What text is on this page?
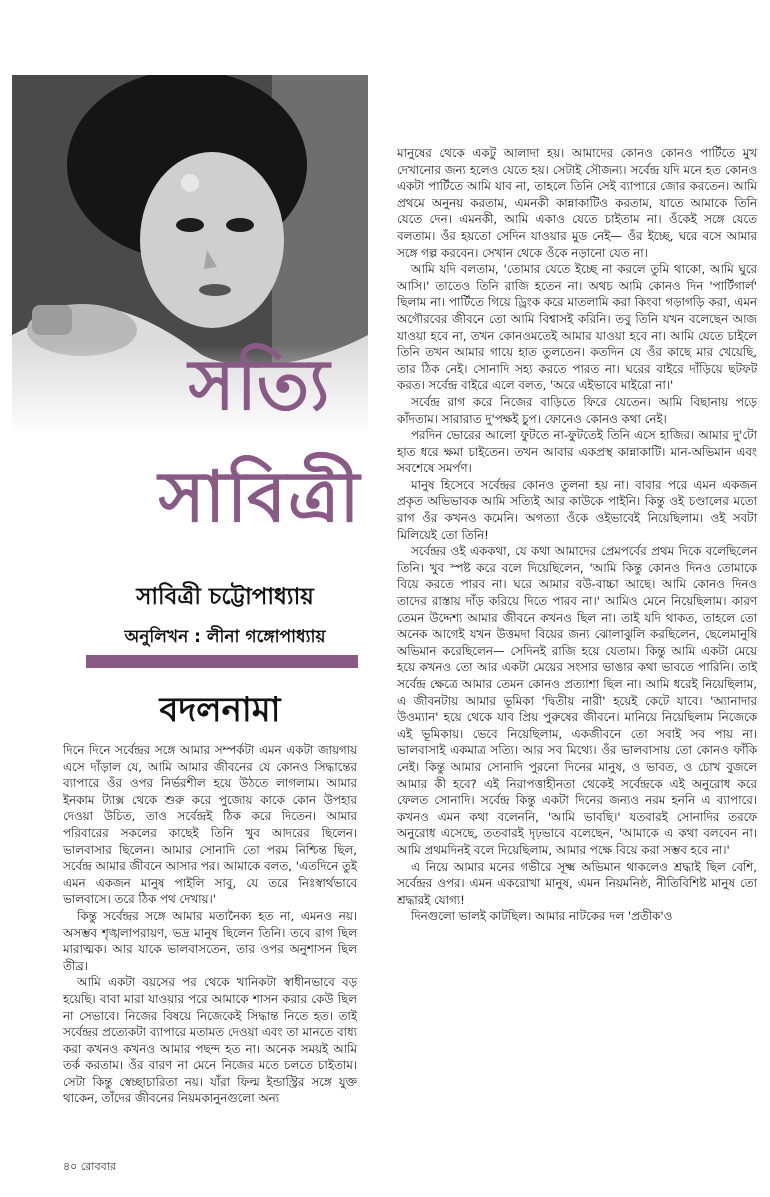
সত্যি
সাবিত্রী
সাবিত্রী চট্টোপাধ্যায়
অনুলিখন : লীনা গঙ্গোপাধ্যায়
বদলনামা

দিনে দিনে সর্বেন্দ্রর সঙ্গে আমার সম্পর্কটা এমন একটা জায়গায় এসে দাঁড়াল যে, আমি আমার জীবনের যে কোনও সিদ্ধান্তের ব্যাপারে ওঁর ওপর নির্ভরশীল হয়ে উঠতে লাগলাম। আমার ইনকাম ট্যাক্স থেকে শুরু করে পুজোয় কাকে কোন উপহার দেওয়া উচিত, তাও সর্বেন্দ্রই ঠিক করে দিতেন। আমার পরিবারের সকলের কাছেই তিনি খুব আদরের ছিলেন। ভালবাসার ছিলেন। আমার সোনাদি তো পরম নিশ্চিন্ত ছিল, সর্বেন্দ্র আমার জীবনে আসার পর। আমাকে বলত, 'এতদিনে তুই এমন একজন মানুষ পাইলি সাবু, যে তরে নিঃস্বার্থভাবে ভালবাসে। তরে ঠিক পথ দেখায়।'

কিন্তু সর্বেন্দ্রর সঙ্গে আমার মতানৈক্য হত না, এমনও নয়। অসম্ভব শৃঙ্খলাপরায়ণ, ভদ্র মানুষ ছিলেন তিনি। তবে রাগ ছিল মারাত্মক। আর যাকে ভালবাসতেন, তার ওপর অনুশাসন ছিল তীব্র।

আমি একটা বয়সের পর থেকে খানিকটা স্বাধীনভাবে বড় হয়েছি। বাবা মারা যাওয়ার পরে আমাকে শাসন করার কেউ ছিল না সেভাবে। নিজের বিষয়ে নিজেকেই সিদ্ধান্ত নিতে হত। তাই সর্বেন্দ্রর প্রত্যেকটা ব্যাপারে মতামত দেওয়া এবং তা মানতে বাধ্য করা কখনও কখনও আমার পছন্দ হত না। অনেক সময়ই আমি তর্ক করতাম। ওঁর বারণ না মেনে নিজের মতে চলতে চাইতাম। সেটা কিন্তু স্বেচ্ছাচারিতা নয়। যাঁরা ফিল্ম ইন্ডাস্ট্রির সঙ্গে যুক্ত থাকেন, তাঁদের জীবনের নিয়মকানুনগুলো অন্য

মানুষের থেকে একটু আলাদা হয়। আমাদের কোনও কোনও পার্টিতে মুখ দেখানোর জন্য হলেও যেতে হয়। সেটাই সৌজন্য। সর্বেন্দ্র যদি মনে হত কোনও একটা পার্টিতে আমি যাব না, তাহলে তিনি সেই ব্যাপারে জোর করতেন। আমি প্রথমে অনুনয় করতাম, এমনকী কান্নাকাটিও করতাম, যাতে আমাকে তিনি যেতে দেন। এমনকী, আমি একাও যেতে চাইতাম না। ওঁকেই সঙ্গে যেতে বলতাম। ওঁর হয়তো সেদিন যাওয়ার মুড নেই— ওঁর ইচ্ছে, ঘরে বসে আমার সঙ্গে গল্প করবেন। সেখান থেকে ওঁকে নড়ানো যেত না।

আমি যদি বলতাম, 'তোমার যেতে ইচ্ছে না করলে তুমি থাকো, আমি ঘুরে আসি।' তাতেও তিনি রাজি হতেন না। অথচ আমি কোনও দিন 'পার্টিগার্ল' ছিলাম না। পার্টিতে গিয়ে ড্রিংক করে মাতলামি করা কিংবা গড়াগড়ি করা, এমন অগৌরবের জীবনে তো আমি বিশ্বাসই করিনি। তবু তিনি যখন বলেছেন আজ যাওয়া হবে না, তখন কোনওমতেই আমার যাওয়া হবে না। আমি যেতে চাইলে তিনি তখন আমার গায়ে হাত তুলতেন। কতদিন যে ওঁর কাছে মার খেয়েছি, তার ঠিক নেই। সোনাদি সহ্য করতে পারত না। ঘরের বাইরে দাঁড়িয়ে ছটফট করত। সর্বেন্দ্র বাইরে এলে বলত, 'অরে এইভাবে মাইরো না।'

সর্বেন্দ্র রাগ করে নিজের বাড়িতে ফিরে যেতেন। আমি বিছানায় পড়ে কাঁদতাম। সারারাত দু'পক্ষই চুপ। ফোনেও কোনও কথা নেই।

পরদিন ভোরের আলো ফুটতে না-ফুটতেই তিনি এসে হাজির। আমার দু'টো হাত ধরে ক্ষমা চাইতেন। তখন আবার একপ্রস্থ কান্নাকাটি। মান-অভিমান এবং সবশেষে সমর্পণ।

মানুষ হিসেবে সর্বেন্দ্রর কোনও তুলনা হয় না। বাবার পরে এমন একজন প্রকৃত অভিভাবক আমি সত্যিই আর কাউকে পাইনি। কিন্তু ওই চণ্ডালের মতো রাগ ওঁর কখনও কমেনি। অগত্যা ওঁকে ওইভাবেই নিয়েছিলাম। ওই সবটা মিলিয়েই তো তিনি!

সর্বেন্দ্রর ওই এককথা, যে কথা আমাদের প্রেমপর্বের প্রথম দিকে বলেছিলেন তিনি। খুব স্পষ্ট করে বলে দিয়েছিলেন, 'আমি কিন্তু কোনও দিনও তোমাকে বিয়ে করতে পারব না। ঘরে আমার বউ-বাচ্চা আছে। আমি কোনও দিনও তাদের রাস্তায় দাঁড় করিয়ে দিতে পারব না।' আমিও মেনে নিয়েছিলাম। কারণ তেমন উদ্দেশ্য আমার জীবনে কখনও ছিল না। তাই যদি থাকত, তাহলে তো অনেক আগেই যখন উত্তমদা বিয়ের জন্য ঝোলাঝুলি করছিলেন, ছেলেমানুষি অভিমান করেছিলেন— সেদিনই রাজি হয়ে যেতাম। কিন্তু আমি একটা মেয়ে হয়ে কখনও তো আর একটা মেয়ের সংসার ভাঙার কথা ভাবতে পারিনি। তাই সর্বেন্দ্র ক্ষেত্রে আমার তেমন কোনও প্রত্যাশা ছিল না। আমি ধরেই নিয়েছিলাম, এ জীবনটায় আমার ভূমিকা 'দ্বিতীয় নারী' হয়েই কেটে যাবে। 'অ্যানাদার উওম্যান' হয়ে থেকে যাব প্রিয় পুরুষের জীবনে। মানিয়ে নিয়েছিলাম নিজেকে এই ভূমিকায়। ভেবে নিয়েছিলাম, একজীবনে তো সবাই সব পায় না। ভালবাসাই একমাত্র সত্যি। আর সব মিথ্যে। ওঁর ভালবাসায় তো কোনও ফাঁকি নেই। কিন্তু আমার সোনাদি পুরনো দিনের মানুষ, ও ভাবত, ও চোখ বুজলে আমার কী হবে? এই নিরাপত্তাহীনতা থেকেই সর্বেন্দ্রকে এই অনুরোধ করে ফেলত সোনাদি। সর্বেন্দ্র কিন্তু একটা দিনের জন্যও নরম হননি এ ব্যাপারে। কখনও এমন কথা বলেননি, 'আমি ভাবছি।' যতবারই সোনাদির তরফে অনুরোধ এসেছে, ততবারই দৃঢ়ভাবে বলেছেন, 'আমাকে এ কথা বলবেন না। আমি প্রথমদিনই বলে দিয়েছিলাম, আমার পক্ষে বিয়ে করা সম্ভব হবে না।'

এ নিয়ে আমার মনের গভীরে সূক্ষ্ম অভিমান থাকলেও শ্রদ্ধাই ছিল বেশি, সর্বেন্দ্রর ওপর। এমন একরোখা মানুষ, এমন নিয়মনিষ্ঠ, নীতিবিশিষ্ট মানুষ তো শ্রদ্ধারই যোগ্য!

দিনগুলো ভালই কাটছিল। আমার নাটকের দল 'প্রতীক'ও

৪০ রোববার
